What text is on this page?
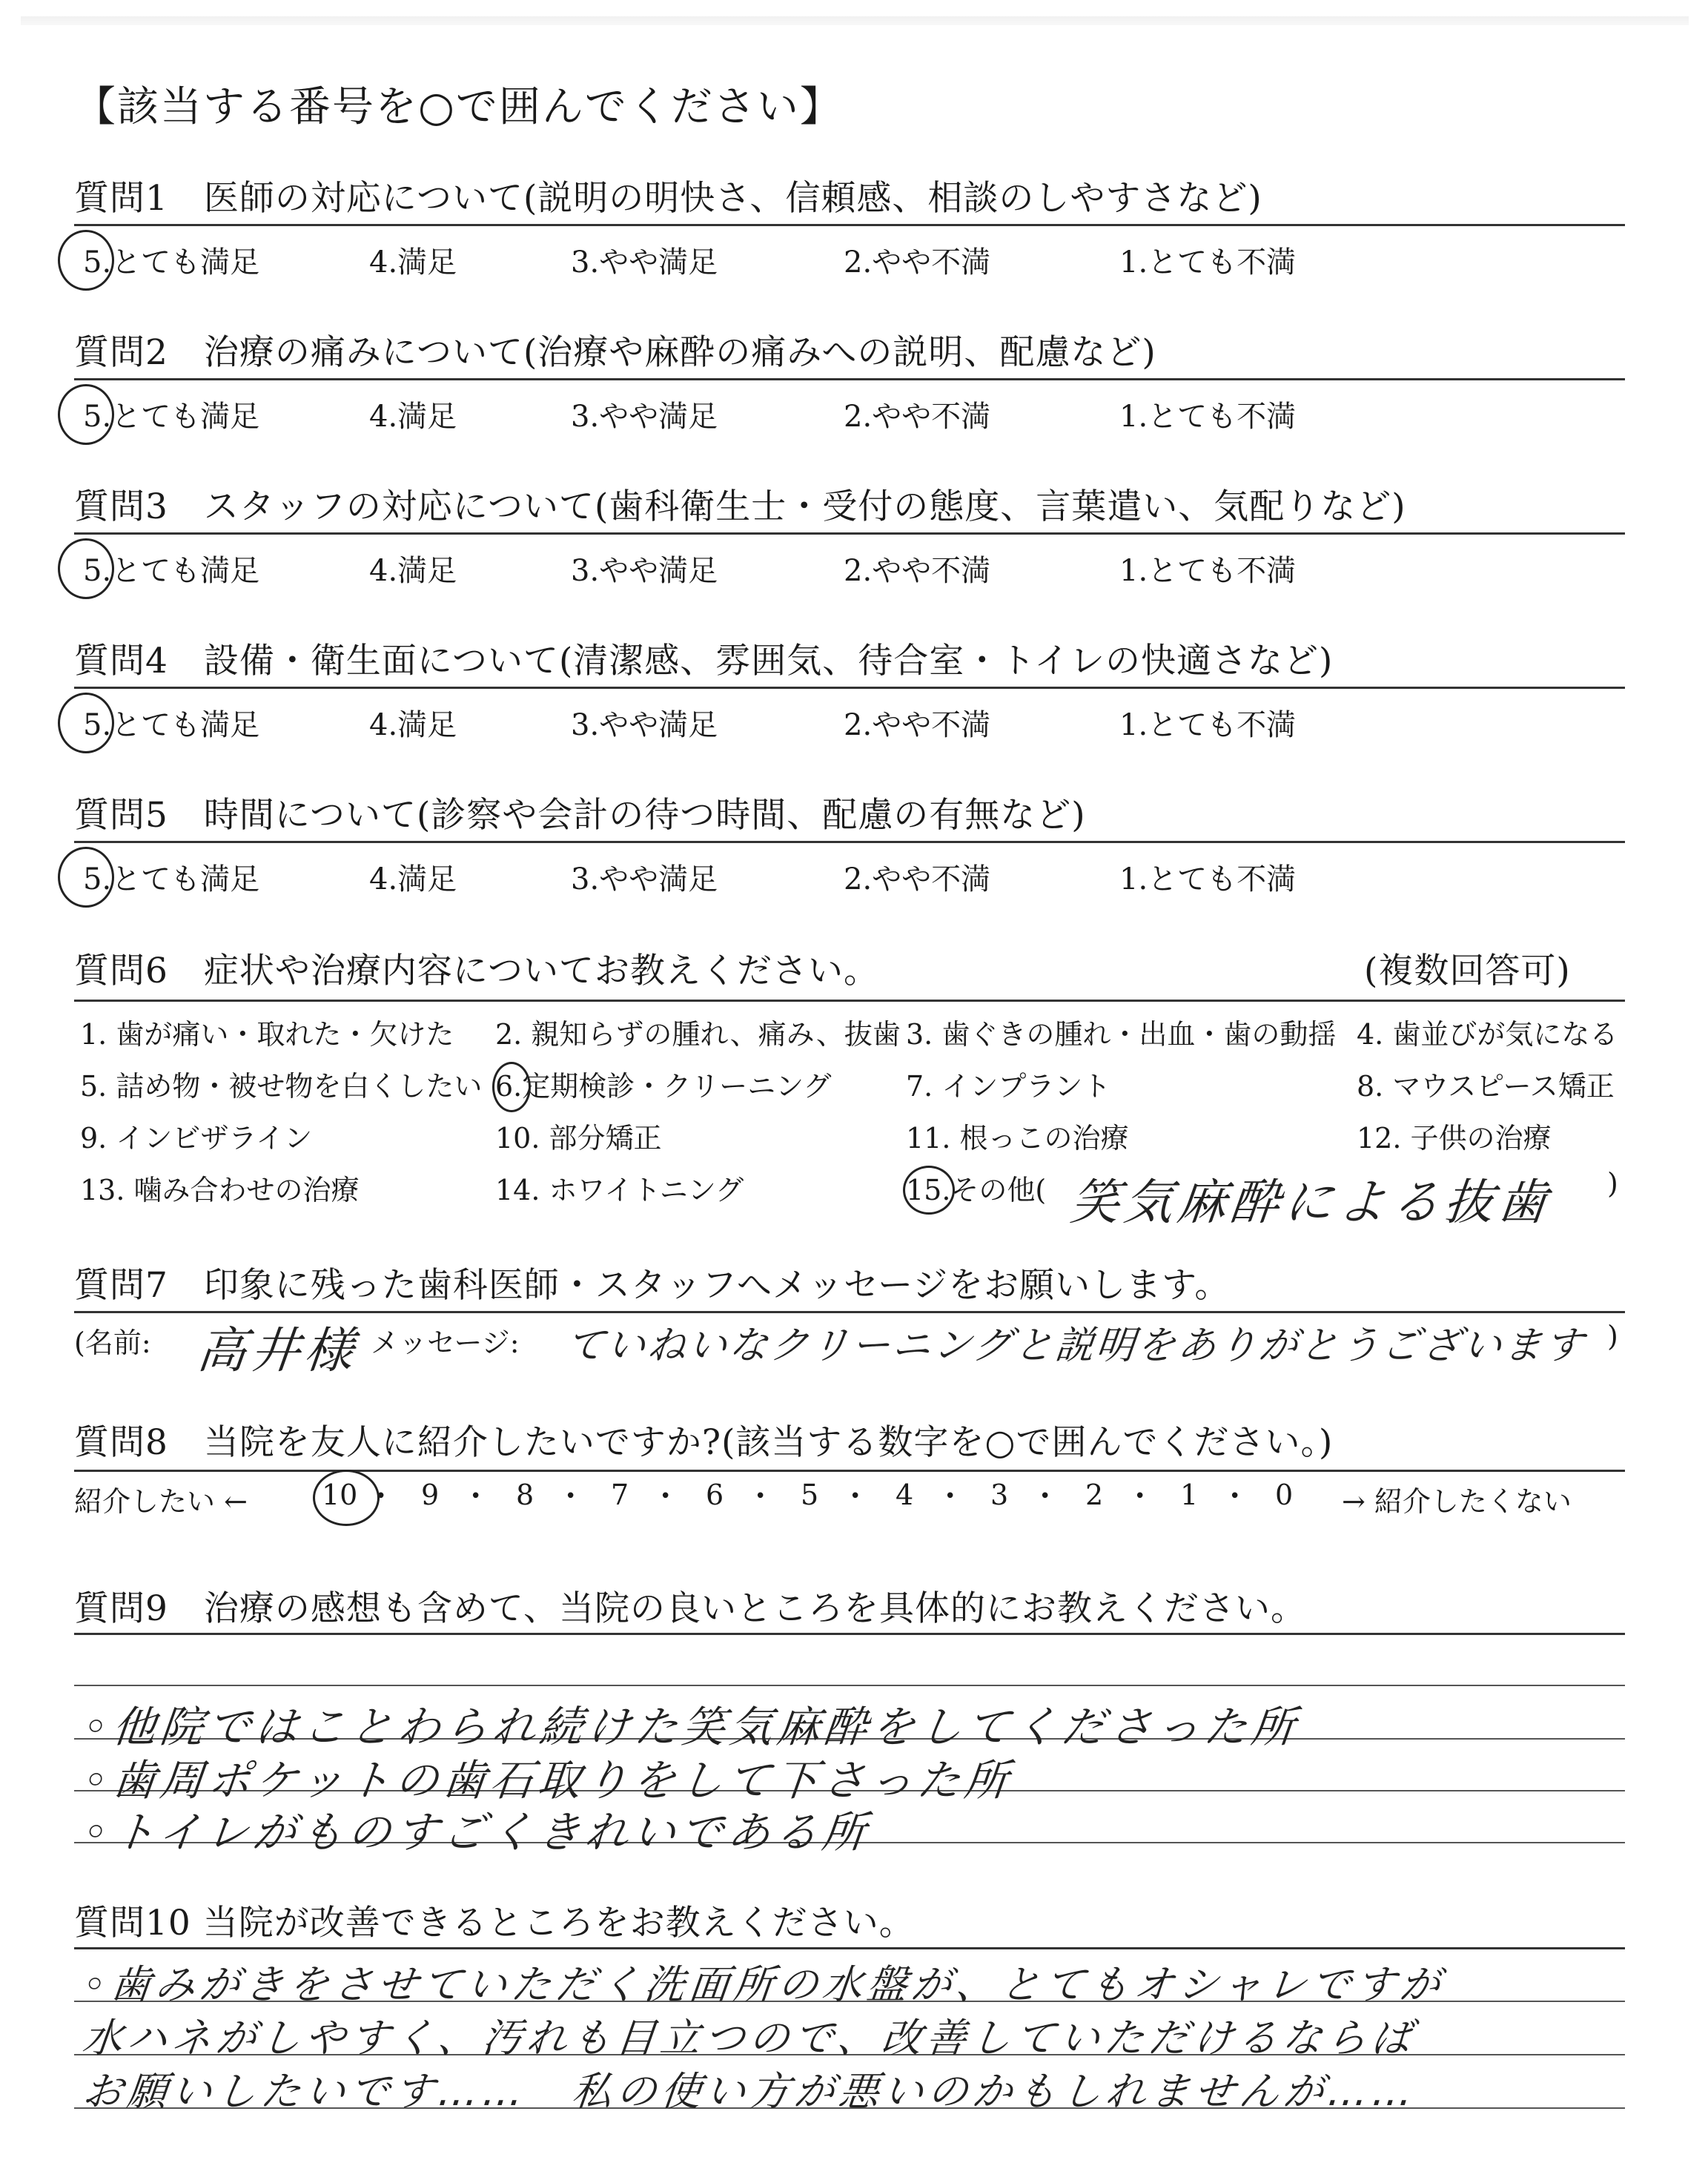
【該当する番号を○で囲んでください】
質問1　医師の対応について(説明の明快さ、信頼感、相談のしやすさなど)
5.とても満足	4.満足	3.やや満足	2.やや不満	1.とても不満
質問2　治療の痛みについて(治療や麻酔の痛みへの説明、配慮など)
5.とても満足	4.満足	3.やや満足	2.やや不満	1.とても不満
質問3　スタッフの対応について(歯科衛生士・受付の態度、言葉遣い、気配りなど)
5.とても満足	4.満足	3.やや満足	2.やや不満	1.とても不満
質問4　設備・衛生面について(清潔感、雰囲気、待合室・トイレの快適さなど)
5.とても満足	4.満足	3.やや満足	2.やや不満	1.とても不満
質問5　時間について(診察や会計の待つ時間、配慮の有無など)
5.とても満足	4.満足	3.やや満足	2.やや不満	1.とても不満
質問6　症状や治療内容についてお教えください。	(複数回答可)
1. 歯が痛い・取れた・欠けた 2. 親知らずの腫れ、痛み、抜歯 3. 歯ぐきの腫れ・出血・歯の動揺 4. 歯並びが気になる
5. 詰め物・被せ物を白くしたい 6.定期検診・クリーニング	7. インプラント	8. マウスピース矯正
9. インビザライン	10. 部分矯正	11. 根っこの治療	12. 子供の治療
13. 噛み合わせの治療	14. ホワイトニング	15.その他(	)
笑気麻酔による抜歯
質問7　印象に残った歯科医師・スタッフへメッセージをお願いします。
(名前: 高井様 メッセージ: ていねいなクリーニングと説明をありがとうございます )
質問8　当院を友人に紹介したいですか?(該当する数字を○で囲んでください。)
紹介したい ←	10 • 9 • 8 • 7 • 6 • 5 • 4 • 3 • 2 • 1 • 0 → 紹介したくない
質問9　治療の感想も含めて、当院の良いところを具体的にお教えください。
◦他院ではことわられ続けた笑気麻酔をしてくださった所
◦歯周ポケットの歯石取りをして下さった所
◦トイレがものすごくきれいである所
質問10 当院が改善できるところをお教えください。
◦歯みがきをさせていただく洗面所の水盤が、とてもオシャレですが
水ハネがしやすく、汚れも目立つので、改善していただけるならば
お願いしたいです……　私の使い方が悪いのかもしれませんが……
